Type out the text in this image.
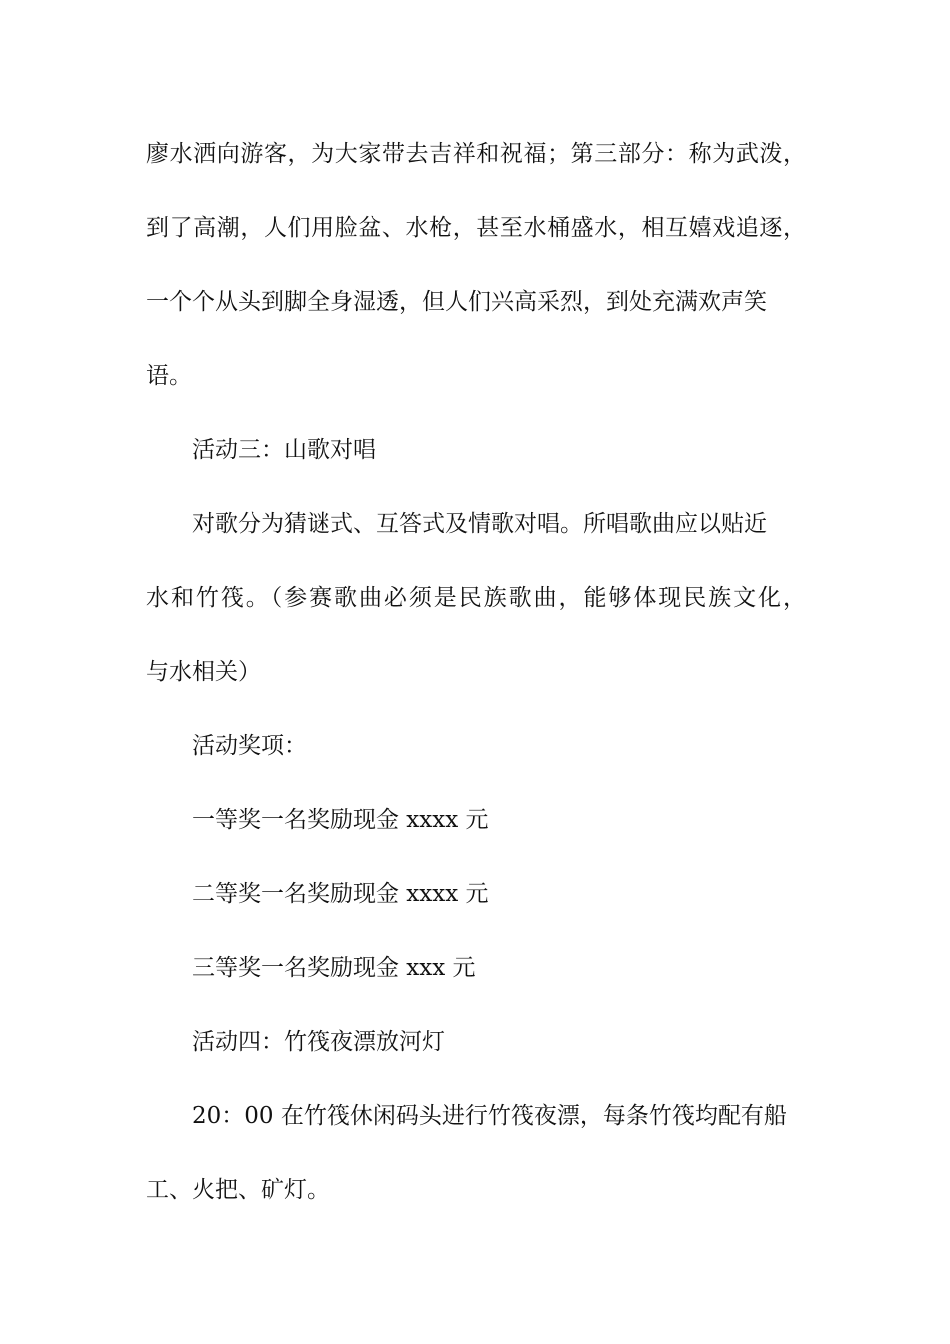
廖水洒向游客，为大家带去吉祥和祝福；第三部分：称为武泼，
到了高潮，人们用脸盆、水枪，甚至水桶盛水，相互嬉戏追逐，
一个个从头到脚全身湿透，但人们兴高采烈，到处充满欢声笑
语。
活动三：山歌对唱
对歌分为猜谜式、互答式及情歌对唱。所唱歌曲应以贴近
水和竹筏。（参赛歌曲必须是民族歌曲，能够体现民族文化，
与水相关）
活动奖项：
一等奖一名奖励现金 xxxx 元
二等奖一名奖励现金 xxxx 元
三等奖一名奖励现金 xxx 元
活动四：竹筏夜漂放河灯
20：00 在竹筏休闲码头进行竹筏夜漂，每条竹筏均配有船
工、火把、矿灯。
